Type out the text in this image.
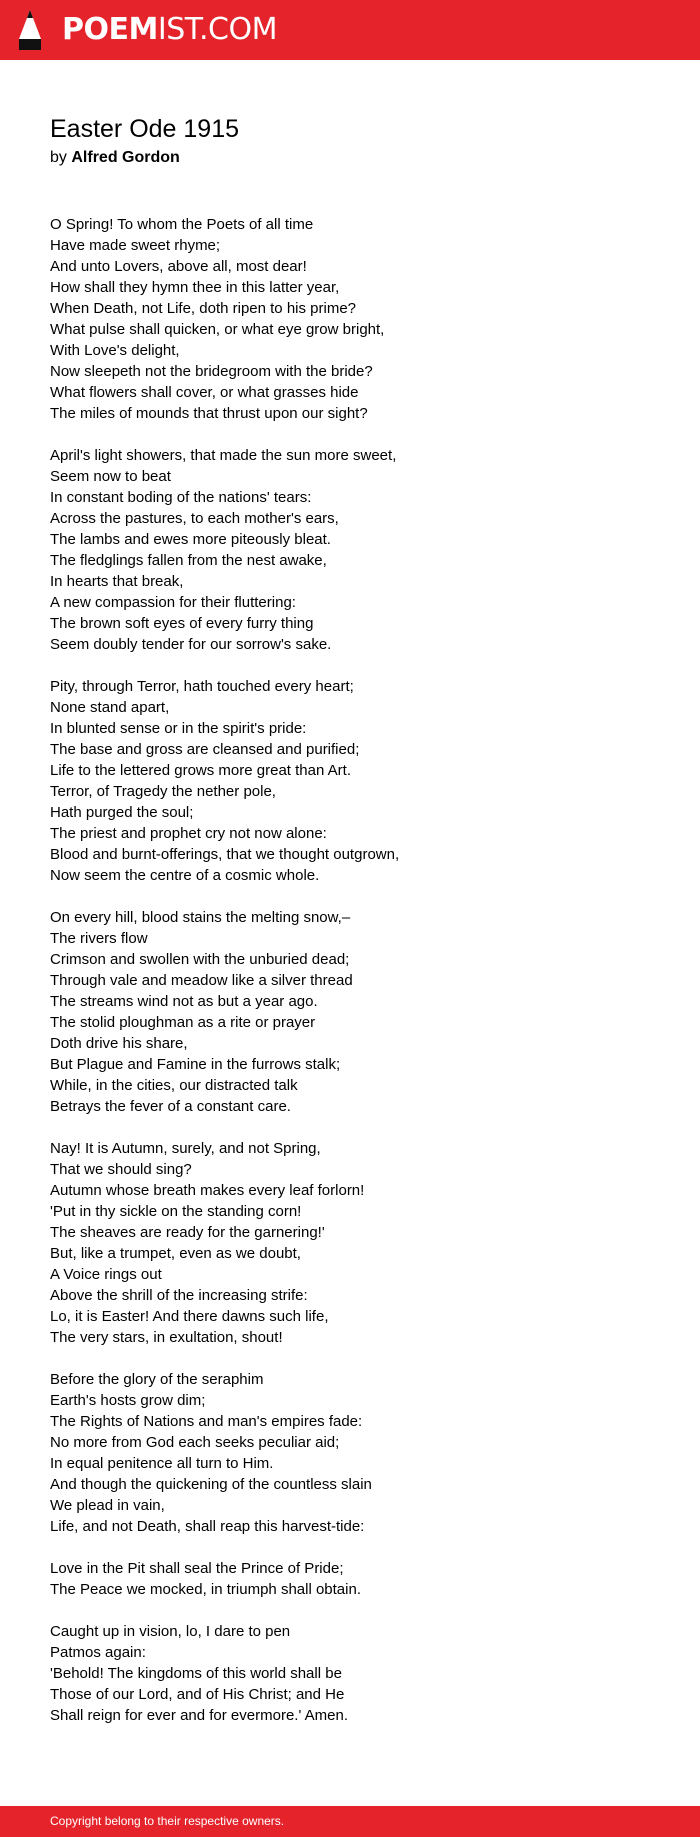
POEMIST.COM
Easter Ode 1915

by Alfred Gordon

O Spring! To whom the Poets of all time
Have made sweet rhyme;
And unto Lovers, above all, most dear!
How shall they hymn thee in this latter year,
When Death, not Life, doth ripen to his prime?
What pulse shall quicken, or what eye grow bright,
With Love's delight,
Now sleepeth not the bridegroom with the bride?
What flowers shall cover, or what grasses hide
The miles of mounds that thrust upon our sight?
April's light showers, that made the sun more sweet,
Seem now to beat
In constant boding of the nations' tears:
Across the pastures, to each mother's ears,
The lambs and ewes more piteously bleat.
The fledglings fallen from the nest awake,
In hearts that break,
A new compassion for their fluttering:
The brown soft eyes of every furry thing
Seem doubly tender for our sorrow's sake.
Pity, through Terror, hath touched every heart;
None stand apart,
In blunted sense or in the spirit's pride:
The base and gross are cleansed and purified;
Life to the lettered grows more great than Art.
Terror, of Tragedy the nether pole,
Hath purged the soul;
The priest and prophet cry not now alone:
Blood and burnt-offerings, that we thought outgrown,
Now seem the centre of a cosmic whole.
On every hill, blood stains the melting snow,–
The rivers flow
Crimson and swollen with the unburied dead;
Through vale and meadow like a silver thread
The streams wind not as but a year ago.
The stolid ploughman as a rite or prayer
Doth drive his share,
But Plague and Famine in the furrows stalk;
While, in the cities, our distracted talk
Betrays the fever of a constant care.
Nay! It is Autumn, surely, and not Spring,
That we should sing?
Autumn whose breath makes every leaf forlorn!
'Put in thy sickle on the standing corn!
The sheaves are ready for the garnering!'
But, like a trumpet, even as we doubt,
A Voice rings out
Above the shrill of the increasing strife:
Lo, it is Easter! And there dawns such life,
The very stars, in exultation, shout!
Before the glory of the seraphim
Earth's hosts grow dim;
The Rights of Nations and man's empires fade:
No more from God each seeks peculiar aid;
In equal penitence all turn to Him.
And though the quickening of the countless slain
We plead in vain,
Life, and not Death, shall reap this harvest-tide:
Love in the Pit shall seal the Prince of Pride;
The Peace we mocked, in triumph shall obtain.
Caught up in vision, lo, I dare to pen
Patmos again:
'Behold! The kingdoms of this world shall be
Those of our Lord, and of His Christ; and He
Shall reign for ever and for evermore.' Amen.
Copyright belong to their respective owners.
